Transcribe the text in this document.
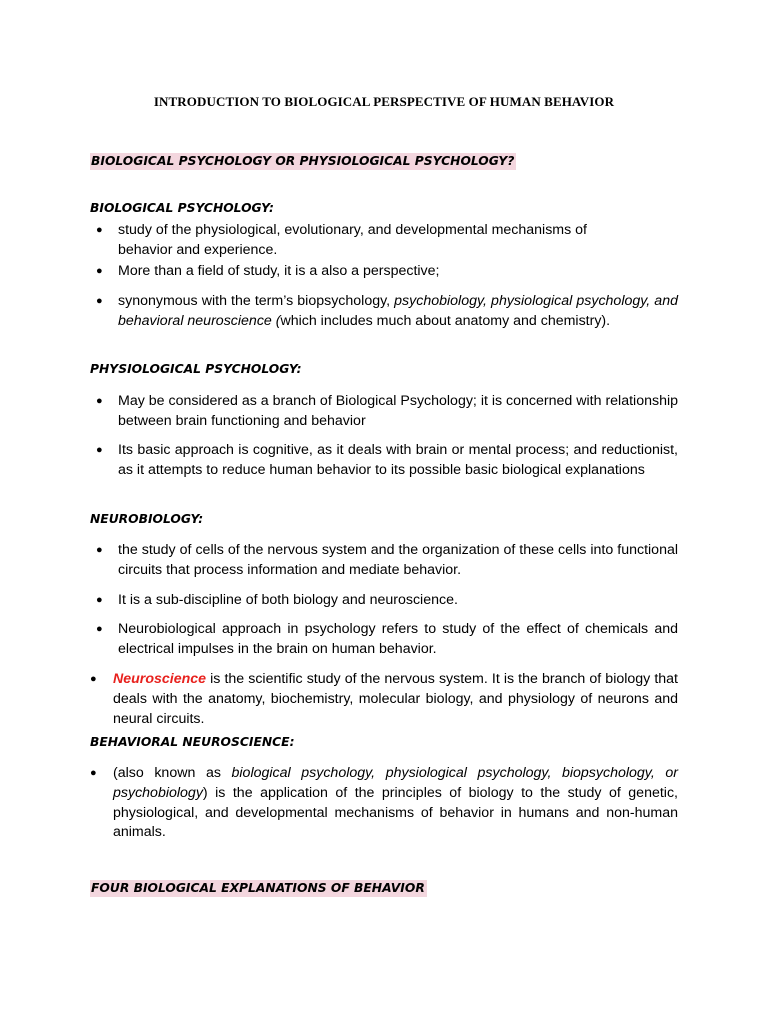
INTRODUCTION TO BIOLOGICAL PERSPECTIVE OF HUMAN BEHAVIOR
BIOLOGICAL PSYCHOLOGY OR PHYSIOLOGICAL PSYCHOLOGY?
BIOLOGICAL PSYCHOLOGY:
● study of the physiological, evolutionary, and developmental mechanisms of behavior and experience.
● More than a field of study, it is a also a perspective;
● synonymous with the term’s biopsychology, psychobiology, physiological psychology, and behavioral neuroscience (which includes much about anatomy and chemistry).
PHYSIOLOGICAL PSYCHOLOGY:
● May be considered as a branch of Biological Psychology; it is concerned with relationship between brain functioning and behavior
● Its basic approach is cognitive, as it deals with brain or mental process; and reductionist, as it attempts to reduce human behavior to its possible basic biological explanations
NEUROBIOLOGY:
● the study of cells of the nervous system and the organization of these cells into functional circuits that process information and mediate behavior.
● It is a sub-discipline of both biology and neuroscience.
● Neurobiological approach in psychology refers to study of the effect of chemicals and electrical impulses in the brain on human behavior.
● Neuroscience is the scientific study of the nervous system. It is the branch of biology that deals with the anatomy, biochemistry, molecular biology, and physiology of neurons and neural circuits.
BEHAVIORAL NEUROSCIENCE:
● (also known as biological psychology, physiological psychology, biopsychology, or psychobiology) is the application of the principles of biology to the study of genetic, physiological, and developmental mechanisms of behavior in humans and non-human animals.
FOUR BIOLOGICAL EXPLANATIONS OF BEHAVIOR
